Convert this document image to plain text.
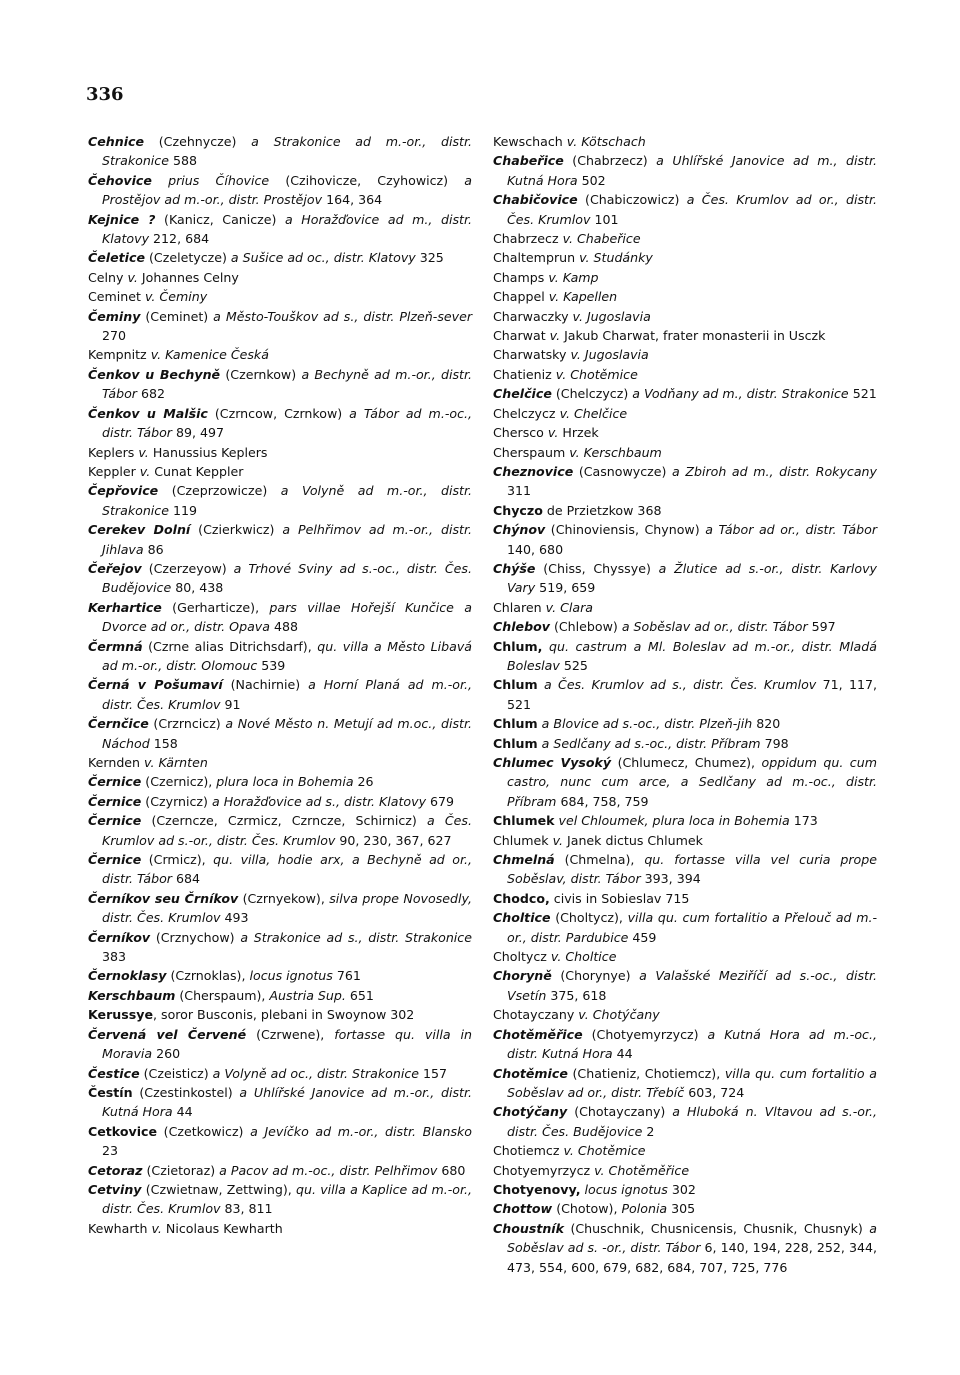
336

Cehnice (Czehnycze) a Strakonice ad m.-or., distr. Strakonice 588

Čehovice prius Číhovice (Czihovicze, Czyhowicz) a Prostějov ad m.-or., distr. Prostějov 164, 364

Kejnice ? (Kanicz, Canicze) a Horažďovice ad m., distr. Klatovy 212, 684

Čeletice (Czeletycze) a Sušice ad oc., distr. Klatovy 325

Celny v. Johannes Celny

Ceminet v. Čeminy

Čeminy (Ceminet) a Město-Touškov ad s., distr. Plzeň-sever 270

Kempnitz v. Kamenice Česká

Čenkov u Bechyně (Czernkow) a Bechyně ad m.-or., distr. Tábor 682

Čenkov u Malšic (Czrncow, Czrnkow) a Tábor ad m.-oc., distr. Tábor 89, 497

Keplers v. Hanussius Keplers

Keppler v. Cunat Keppler

Čepřovice (Czeprzowicze) a Volyně ad m.-or., distr. Strakonice 119

Cerekev Dolní (Czierkwicz) a Pelhřimov ad m.-or., distr. Jihlava 86

Čeřejov (Czerzeyow) a Trhové Sviny ad s.-oc., distr. Čes. Budějovice 80, 438

Kerhartice (Gerharticze), pars villae Hořejší Kunčice a Dvorce ad or., distr. Opava 488

Čermná (Czrne alias Ditrichsdarf), qu. villa a Město Libavá ad m.-or., distr. Olomouc 539

Černá v Pošumaví (Nachirnie) a Horní Planá ad m.-or., distr. Čes. Krumlov 91

Černčice (Crzrncicz) a Nové Město n. Metují ad m.oc., distr. Náchod 158

Kernden v. Kärnten

Černice (Czernicz), plura loca in Bohemia 26

Černice (Czyrnicz) a Horažďovice ad s., distr. Klatovy 679

Černice (Czerncze, Czrmicz, Czrncze, Schirnicz) a Čes. Krumlov ad s.-or., distr. Čes. Krumlov 90, 230, 367, 627

Černice (Crmicz), qu. villa, hodie arx, a Bechyně ad or., distr. Tábor 684

Černíkov seu Črníkov (Czrnyekow), silva prope Novosedly, distr. Čes. Krumlov 493

Černíkov (Crznychow) a Strakonice ad s., distr. Strakonice 383

Černoklasy (Czrnoklas), locus ignotus 761

Kerschbaum (Cherspaum), Austria Sup. 651

Kerussye, soror Busconis, plebani in Swoynow 302

Červená vel Červené (Czrwene), fortasse qu. villa in Moravia 260

Čestice (Czeisticz) a Volyně ad oc., distr. Strakonice 157

Čestín (Czestinkostel) a Uhlířské Janovice ad m.-or., distr. Kutná Hora 44

Cetkovice (Czetkowicz) a Jevíčko ad m.-or., distr. Blansko 23

Cetoraz (Czietoraz) a Pacov ad m.-oc., distr. Pelhřimov 680

Cetviny (Czwietnaw, Zettwing), qu. villa a Kaplice ad m.-or., distr. Čes. Krumlov 83, 811

Kewharth v. Nicolaus Kewharth

Kewschach v. Kötschach

Chabeřice (Chabrzecz) a Uhlířské Janovice ad m., distr. Kutná Hora 502

Chabičovice (Chabiczowicz) a Čes. Krumlov ad or., distr. Čes. Krumlov 101

Chabrzecz v. Chabeřice

Chaltemprun v. Studánky

Champs v. Kamp

Chappel v. Kapellen

Charwaczky v. Jugoslavia

Charwat v. Jakub Charwat, frater monasterii in Usczk

Charwatsky v. Jugoslavia

Chatieniz v. Chotěmice

Chelčice (Chelczycz) a Vodňany ad m., distr. Strakonice 521

Chelczycz v. Chelčice

Chersco v. Hrzek

Cherspaum v. Kerschbaum

Cheznovice (Casnowycze) a Zbiroh ad m., distr. Rokycany 311

Chyczo de Przietzkow 368

Chýnov (Chinoviensis, Chynow) a Tábor ad or., distr. Tábor 140, 680

Chýše (Chiss, Chyssye) a Žlutice ad s.-or., distr. Karlovy Vary 519, 659

Chlaren v. Clara

Chlebov (Chlebow) a Soběslav ad or., distr. Tábor 597

Chlum, qu. castrum a Ml. Boleslav ad m.-or., distr. Mladá Boleslav 525

Chlum a Čes. Krumlov ad s., distr. Čes. Krumlov 71, 117, 521

Chlum a Blovice ad s.-oc., distr. Plzeň-jih 820

Chlum a Sedlčany ad s.-oc., distr. Příbram 798

Chlumec Vysoký (Chlumecz, Chumez), oppidum qu. cum castro, nunc cum arce, a Sedlčany ad m.-oc., distr. Příbram 684, 758, 759

Chlumek vel Chloumek, plura loca in Bohemia 173

Chlumek v. Janek dictus Chlumek

Chmelná (Chmelna), qu. fortasse villa vel curia prope Soběslav, distr. Tábor 393, 394

Chodco, civis in Sobieslav 715

Choltice (Choltycz), villa qu. cum fortalitio a Přelouč ad m.-or., distr. Pardubice 459

Choltycz v. Choltice

Choryně (Chorynye) a Valašské Meziříčí ad s.-oc., distr. Vsetín 375, 618

Chotayczany v. Chotýčany

Chotěměřice (Chotyemyrzycz) a Kutná Hora ad m.-oc., distr. Kutná Hora 44

Chotěmice (Chatieniz, Chotiemcz), villa qu. cum fortalitio a Soběslav ad or., distr. Třebíč 603, 724

Chotýčany (Chotayczany) a Hluboká n. Vltavou ad s.-or., distr. Čes. Budějovice 2

Chotiemcz v. Chotěmice

Chotyemyrzycz v. Chotěměřice

Chotyenovy, locus ignotus 302

Chottow (Chotow), Polonia 305

Choustník (Chuschnik, Chusnicensis, Chusnik, Chusnyk) a Soběslav ad s. -or., distr. Tábor 6, 140, 194, 228, 252, 344, 473, 554, 600, 679, 682, 684, 707, 725, 776
